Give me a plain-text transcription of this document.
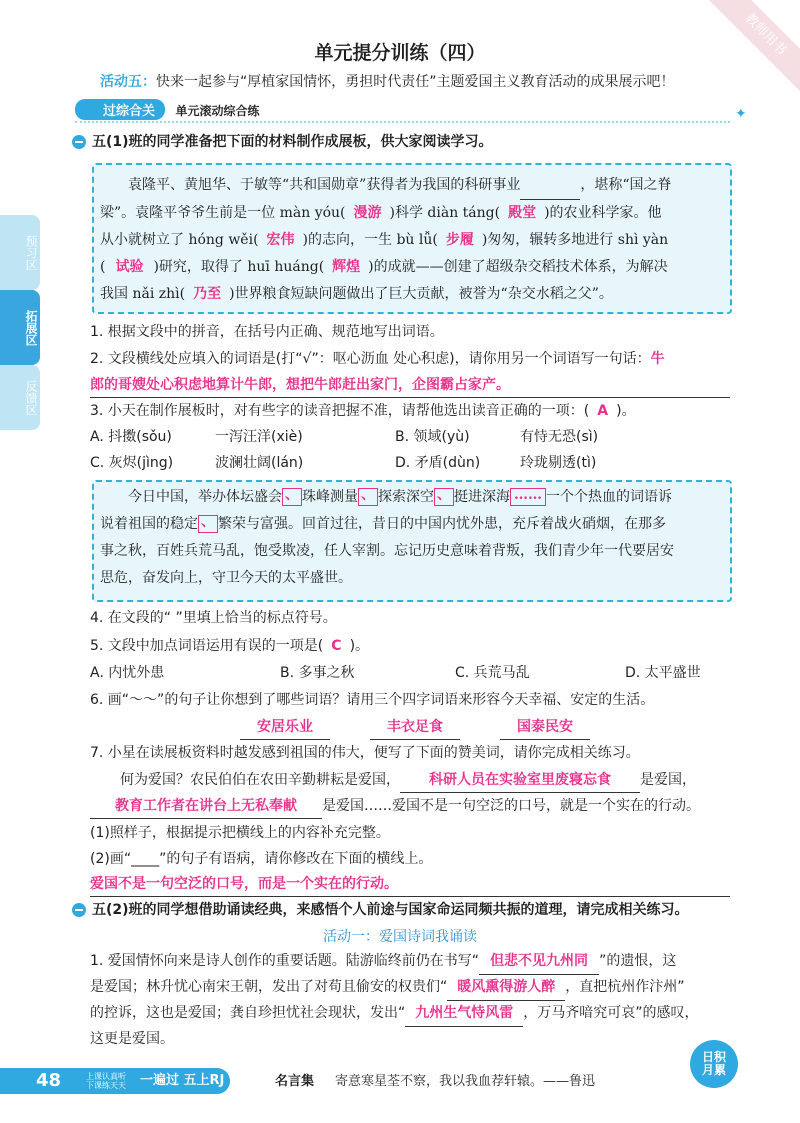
教师用书
预习区
拓展区
反馈区
单元提分训练（四）
活动五：快来一起参与“厚植家国情怀，勇担时代责任”主题爱国主义教育活动的成果展示吧！
过综合关 单元滚动综合练	✦
五(1)班的同学准备把下面的材料制作成展板，供大家阅读学习。
袁隆平、黄旭华、于敏等“共和国勋章”获得者为我国的科研事业	，堪称“国之脊
梁”。袁隆平爷爷生前是一位 màn yóu( 漫游 )科学 diàn táng( 殿堂 )的农业科学家。他
从小就树立了 hóng wěi( 宏伟 )的志向，一生 bù lǚ( 步履 )匆匆，辗转多地进行 shì yàn
( 试验 )研究，取得了 huī huáng( 辉煌 )的成就——创建了超级杂交稻技术体系，为解决
我国 nǎi zhì( 乃至 )世界粮食短缺问题做出了巨大贡献，被誉为“杂交水稻之父”。
1. 根据文段中的拼音，在括号内正确、规范地写出词语。
2. 文段横线处应填入的词语是(打“√”：呕心沥血 处心积虑)，请你用另一个词语写一句话：牛
郎的哥嫂处心积虑地算计牛郎，想把牛郎赶出家门，企图霸占家产。
3. 小天在制作展板时，对有些字的读音把握不准，请帮他选出读音正确的一项：( A )。
A. 抖擞(sǒu)	一泻汪洋(xiè)	B. 领域(yù)	有恃无恐(sì)
C. 灰烬(jìng)	波澜壮阔(lán)	D. 矛盾(dùn)	玲珑剔透(tì)
今日中国，举办体坛盛会 、 珠峰测量 、 探索深空 、 挺进深海 …… 一个个热血的词语诉
说着祖国的稳定 、 繁荣与富强。回首过往，昔日的中国内忧外患，充斥着战火硝烟，在那多
事之秋，百姓兵荒马乱，饱受欺凌，任人宰割。忘记历史意味着背叛，我们青少年一代要居安
思危，奋发向上，守卫今天的太平盛世。
4. 在文段的“ ”里填上恰当的标点符号。
5. 文段中加点词语运用有误的一项是( C )。
A. 内忧外患	B. 多事之秋	C. 兵荒马乱	D. 太平盛世
6. 画“～～”的句子让你想到了哪些词语？请用三个四字词语来形容今天幸福、安定的生活。
安居乐业	丰衣足食	国泰民安
7. 小星在读展板资料时越发感到祖国的伟大，便写了下面的赞美词，请你完成相关练习。
何为爱国？农民伯伯在农田辛勤耕耘是爱国， 科研人员在实验室里废寝忘食 是爱国，
教育工作者在讲台上无私奉献 是爱国……爱国不是一句空泛的口号，就是一个实在的行动。
(1)照样子，根据提示把横线上的内容补充完整。
(2)画“____”的句子有语病，请你修改在下面的横线上。
爱国不是一句空泛的口号，而是一个实在的行动。
五(2)班的同学想借助诵读经典，来感悟个人前途与国家命运同频共振的道理，请完成相关练习。
活动一：爱国诗词我诵读
1. 爱国情怀向来是诗人创作的重要话题。陆游临终前仍在书写“ 但悲不见九州同 ”的遗恨，这
是爱国；林升忧心南宋王朝，发出了对苟且偷安的权贵们“ 暖风熏得游人醉 ，直把杭州作汴州”
的控诉，这也是爱国；龚自珍担忧社会现状，发出“ 九州生气恃风雷 ，万马齐喑究可哀”的感叹，
这更是爱国。
48	上课认真听 下课练天天	一遍过 五上RJ	名言集 寄意寒星荃不察，我以我血荐轩辕。——鲁迅
日积月累
